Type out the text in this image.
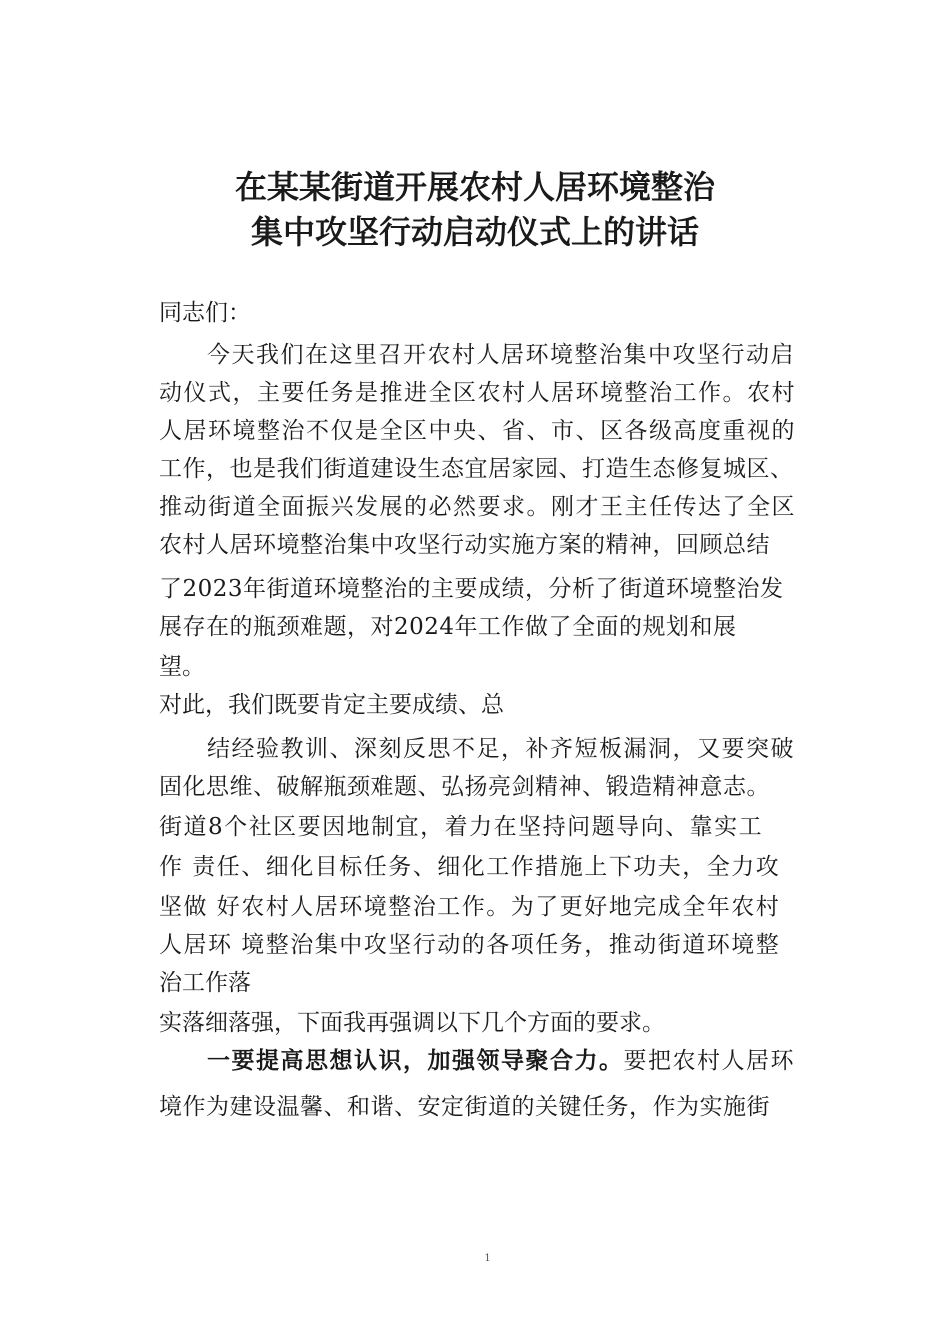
在某某街道开展农村人居环境整治
集中攻坚行动启动仪式上的讲话

同志们：

今天我们在这里召开农村人居环境整治集中攻坚行动启

动仪式，主要任务是推进全区农村人居环境整治工作。农村

人居环境整治不仅是全区中央、省、市、区各级高度重视的

工作，也是我们街道建设生态宜居家园、打造生态修复城区、

推动街道全面振兴发展的必然要求。刚才王主任传达了全区

农村人居环境整治集中攻坚行动实施方案的精神，回顾总结

了2023年街道环境整治的主要成绩，分析了街道环境整治发

展存在的瓶颈难题，对2024年工作做了全面的规划和展

望。

对此，我们既要肯定主要成绩、总

结经验教训、深刻反思不足，补齐短板漏洞，又要突破

固化思维、破解瓶颈难题、弘扬亮剑精神、锻造精神意志。

街道8个社区要因地制宜，着力在坚持问题导向、靠实工

作 责任、细化目标任务、细化工作措施上下功夫，全力攻

坚做 好农村人居环境整治工作。为了更好地完成全年农村

人居环 境整治集中攻坚行动的各项任务，推动街道环境整

治工作落

实落细落强，下面我再强调以下几个方面的要求。

一要提高思想认识，加强领导聚合力。要把农村人居环

境作为建设温馨、和谐、安定街道的关键任务，作为实施街

1
